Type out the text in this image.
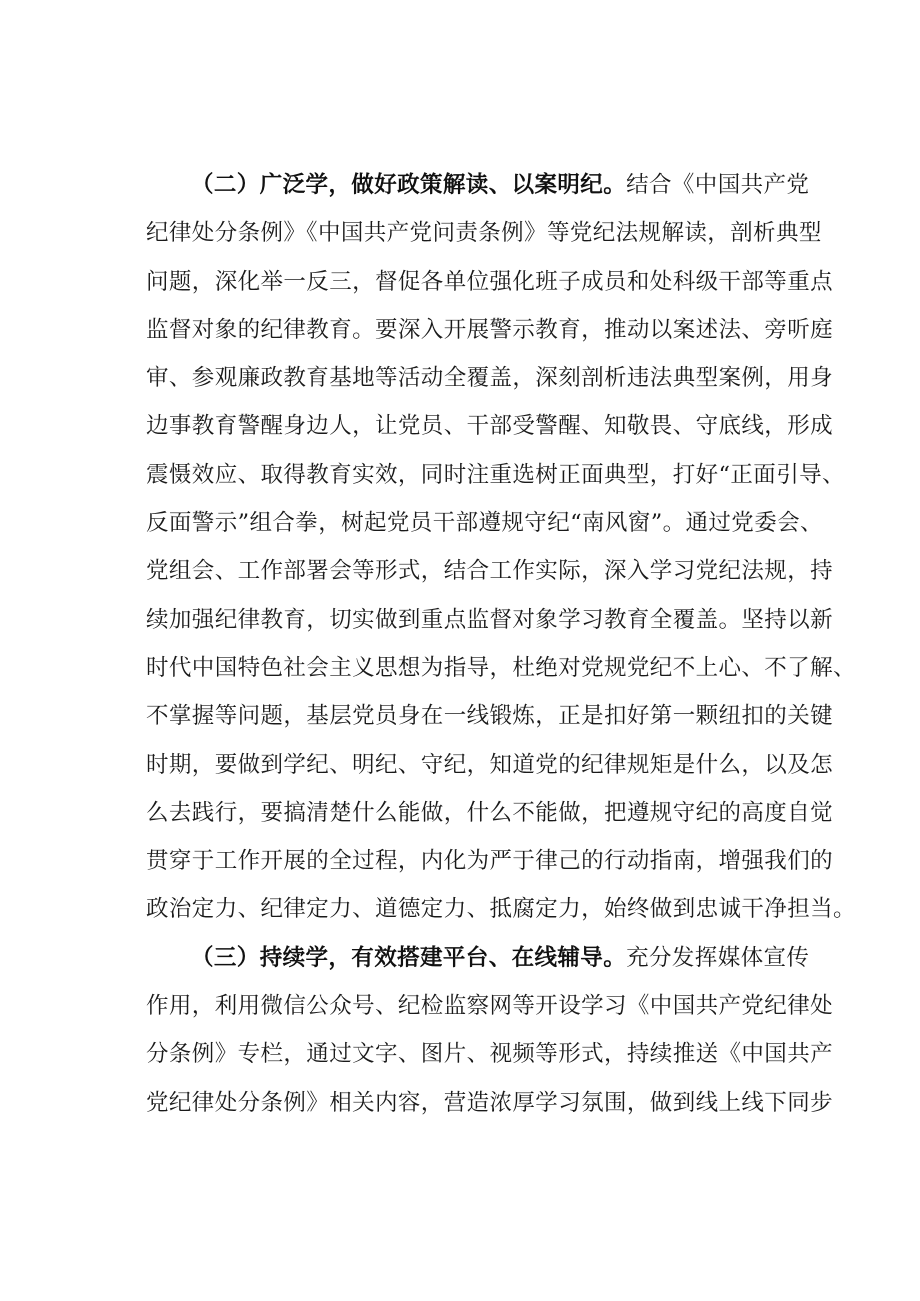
（二）广泛学，做好政策解读、以案明纪。结合《中国共产党
纪律处分条例》《中国共产党问责条例》等党纪法规解读，剖析典型
问题，深化举一反三，督促各单位强化班子成员和处科级干部等重点
监督对象的纪律教育。要深入开展警示教育，推动以案述法、旁听庭
审、参观廉政教育基地等活动全覆盖，深刻剖析违法典型案例，用身
边事教育警醒身边人，让党员、干部受警醒、知敬畏、守底线，形成
震慑效应、取得教育实效，同时注重选树正面典型，打好“正面引导、
反面警示”组合拳，树起党员干部遵规守纪“南风窗”。通过党委会、
党组会、工作部署会等形式，结合工作实际，深入学习党纪法规，持
续加强纪律教育，切实做到重点监督对象学习教育全覆盖。坚持以新
时代中国特色社会主义思想为指导，杜绝对党规党纪不上心、不了解、
不掌握等问题，基层党员身在一线锻炼，正是扣好第一颗纽扣的关键
时期，要做到学纪、明纪、守纪，知道党的纪律规矩是什么，以及怎
么去践行，要搞清楚什么能做，什么不能做，把遵规守纪的高度自觉
贯穿于工作开展的全过程，内化为严于律己的行动指南，增强我们的
政治定力、纪律定力、道德定力、抵腐定力，始终做到忠诚干净担当。
（三）持续学，有效搭建平台、在线辅导。充分发挥媒体宣传
作用，利用微信公众号、纪检监察网等开设学习《中国共产党纪律处
分条例》专栏，通过文字、图片、视频等形式，持续推送《中国共产
党纪律处分条例》相关内容，营造浓厚学习氛围，做到线上线下同步
